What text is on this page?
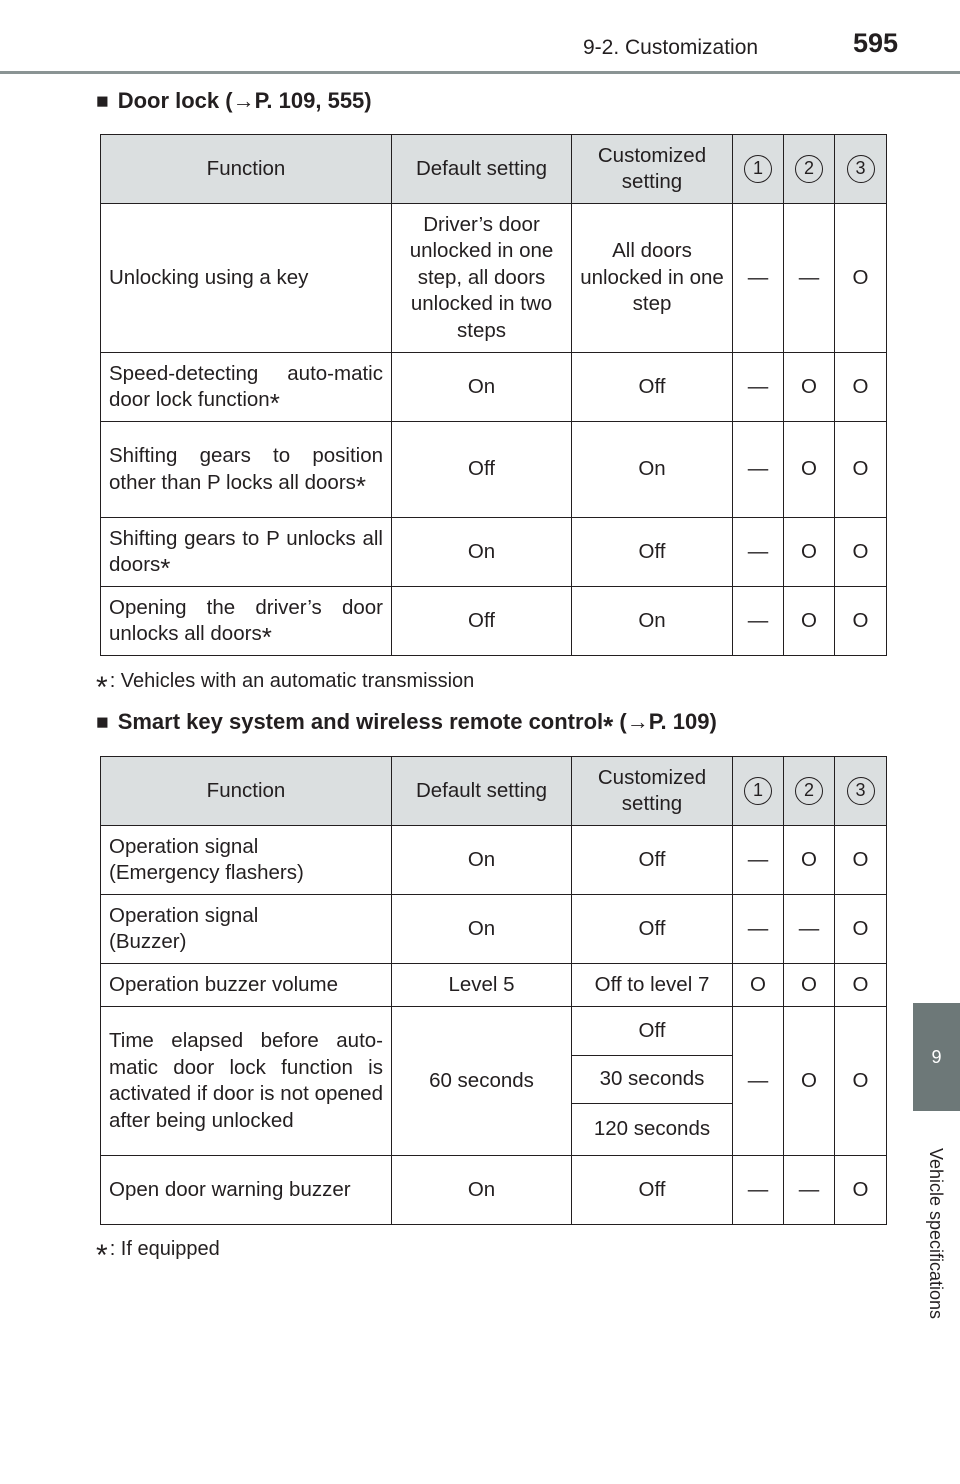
9-2. Customization	595
9
Vehicle specifications
■ Door lock (→P. 109, 555)
Function	Default setting	Customized setting	1	2	3
Unlocking using a key	Driver’s door unlocked in one step, all doors unlocked in two steps	All doors unlocked in one step	—	—	O
Speed-detecting auto-matic door lock function*	On	Off	—	O	O
Shifting gears to position other than P locks all doors*	Off	On	—	O	O
Shifting gears to P unlocks all doors*	On	Off	—	O	O
Opening the driver’s door unlocks all doors*	Off	On	—	O	O
* : Vehicles with an automatic transmission
■ Smart key system and wireless remote control* (→P. 109)
Function	Default setting	Customized setting	1	2	3
Operation signal
(Emergency flashers)	On	Off	—	O	O
Operation signal
(Buzzer)	On	Off	—	—	O
Operation buzzer volume	Level 5	Off to level 7	O	O	O
Time elapsed before auto-matic door lock function is activated if door is not opened after being unlocked	60 seconds	Off	—	O	O
		30 seconds			
		120 seconds			
Open door warning buzzer	On	Off	—	—	O
* : If equipped
